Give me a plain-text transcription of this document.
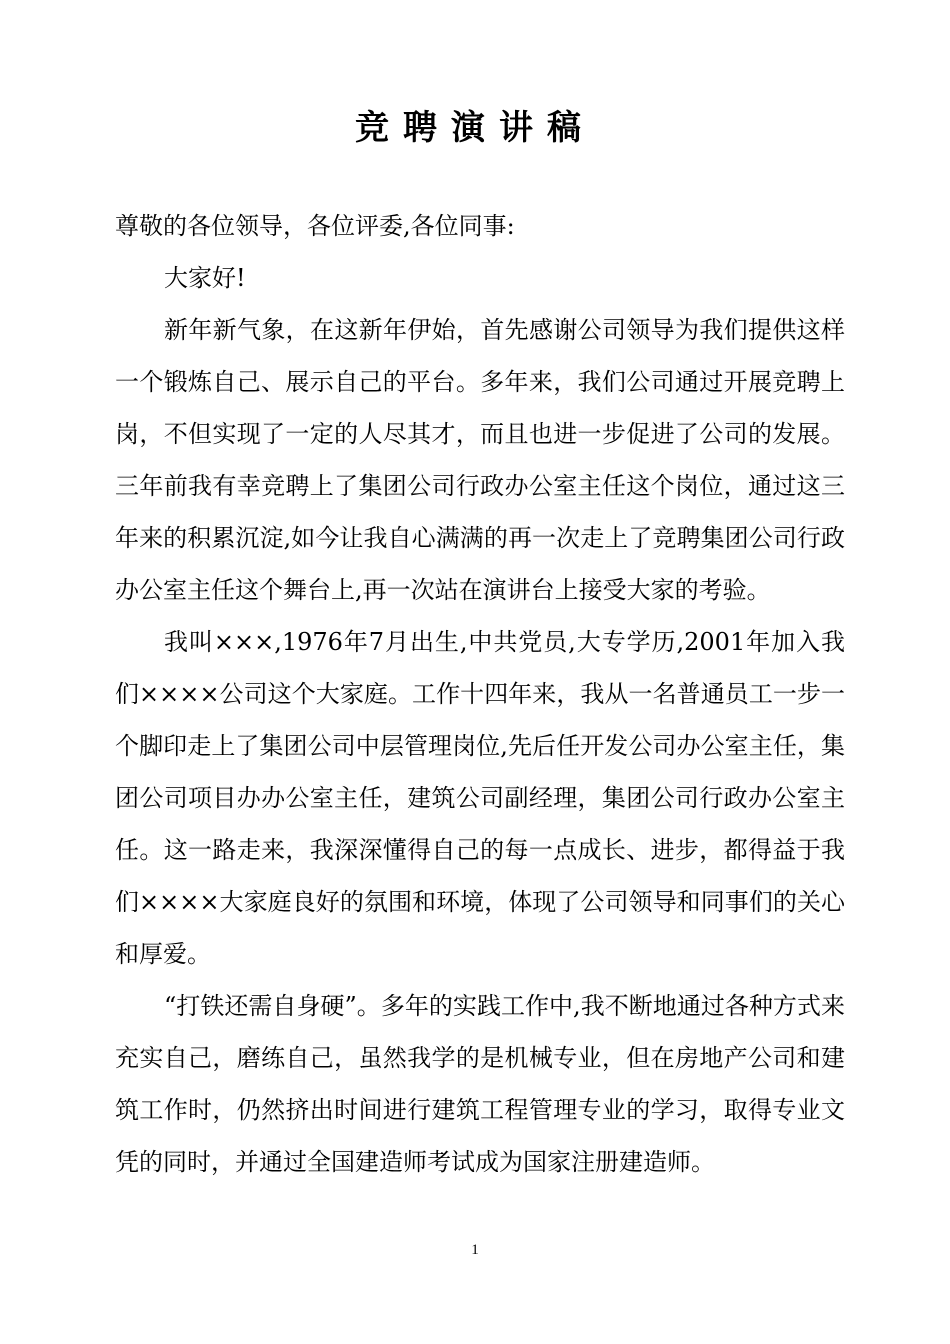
竞聘演讲稿

尊敬的各位领导，各位评委,各位同事:

大家好!

新年新气象，在这新年伊始，首先感谢公司领导为我们提供这样一个锻炼自己、展示自己的平台。多年来，我们公司通过开展竞聘上岗，不但实现了一定的人尽其才，而且也进一步促进了公司的发展。三年前我有幸竞聘上了集团公司行政办公室主任这个岗位，通过这三年来的积累沉淀,如今让我自心满满的再一次走上了竞聘集团公司行政办公室主任这个舞台上,再一次站在演讲台上接受大家的考验。

我叫×××,1976年7月出生,中共党员,大专学历,2001年加入我们××××公司这个大家庭。工作十四年来，我从一名普通员工一步一个脚印走上了集团公司中层管理岗位,先后任开发公司办公室主任，集团公司项目办办公室主任，建筑公司副经理，集团公司行政办公室主任。这一路走来，我深深懂得自己的每一点成长、进步，都得益于我们××××大家庭良好的氛围和环境，体现了公司领导和同事们的关心和厚爱。

“打铁还需自身硬”。多年的实践工作中,我不断地通过各种方式来充实自己，磨练自己，虽然我学的是机械专业，但在房地产公司和建筑工作时，仍然挤出时间进行建筑工程管理专业的学习，取得专业文凭的同时，并通过全国建造师考试成为国家注册建造师。

1
